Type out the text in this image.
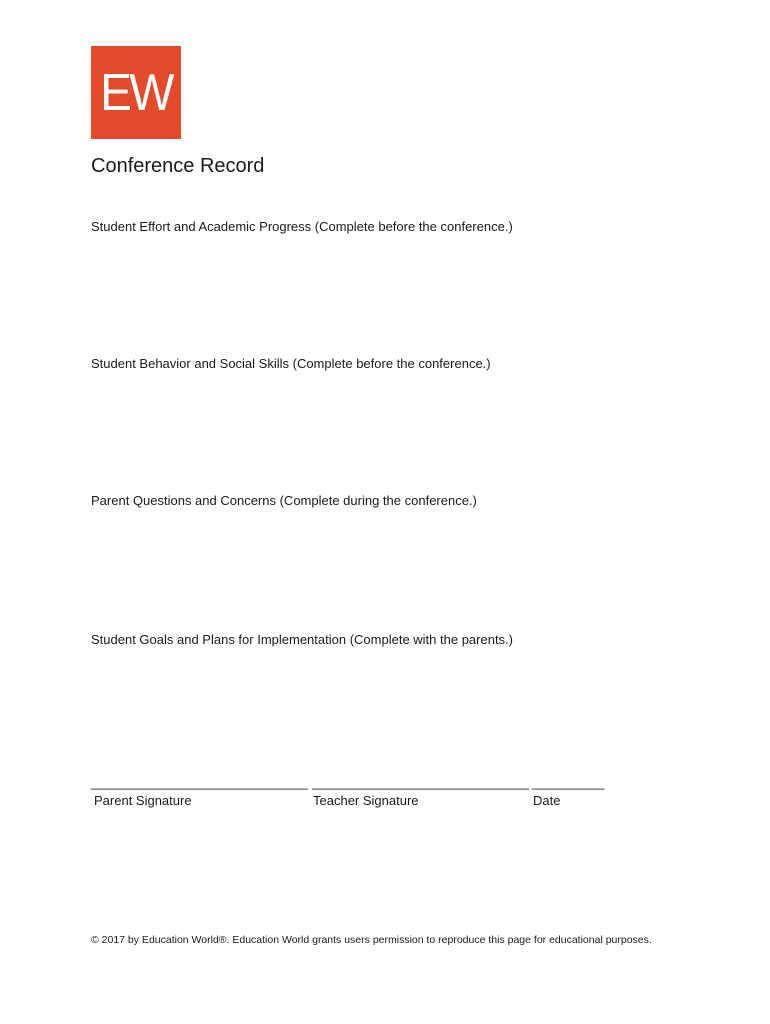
EW
Conference Record
Student Effort and Academic Progress (Complete before the conference.)
Student Behavior and Social Skills (Complete before the conference.)
Parent Questions and Concerns (Complete during the conference.)
Student Goals and Plans for Implementation (Complete with the parents.)
______________________________ ______________________________ __________
Parent Signature	Teacher Signature	Date
© 2017 by Education World®. Education World grants users permission to reproduce this page for educational purposes.
